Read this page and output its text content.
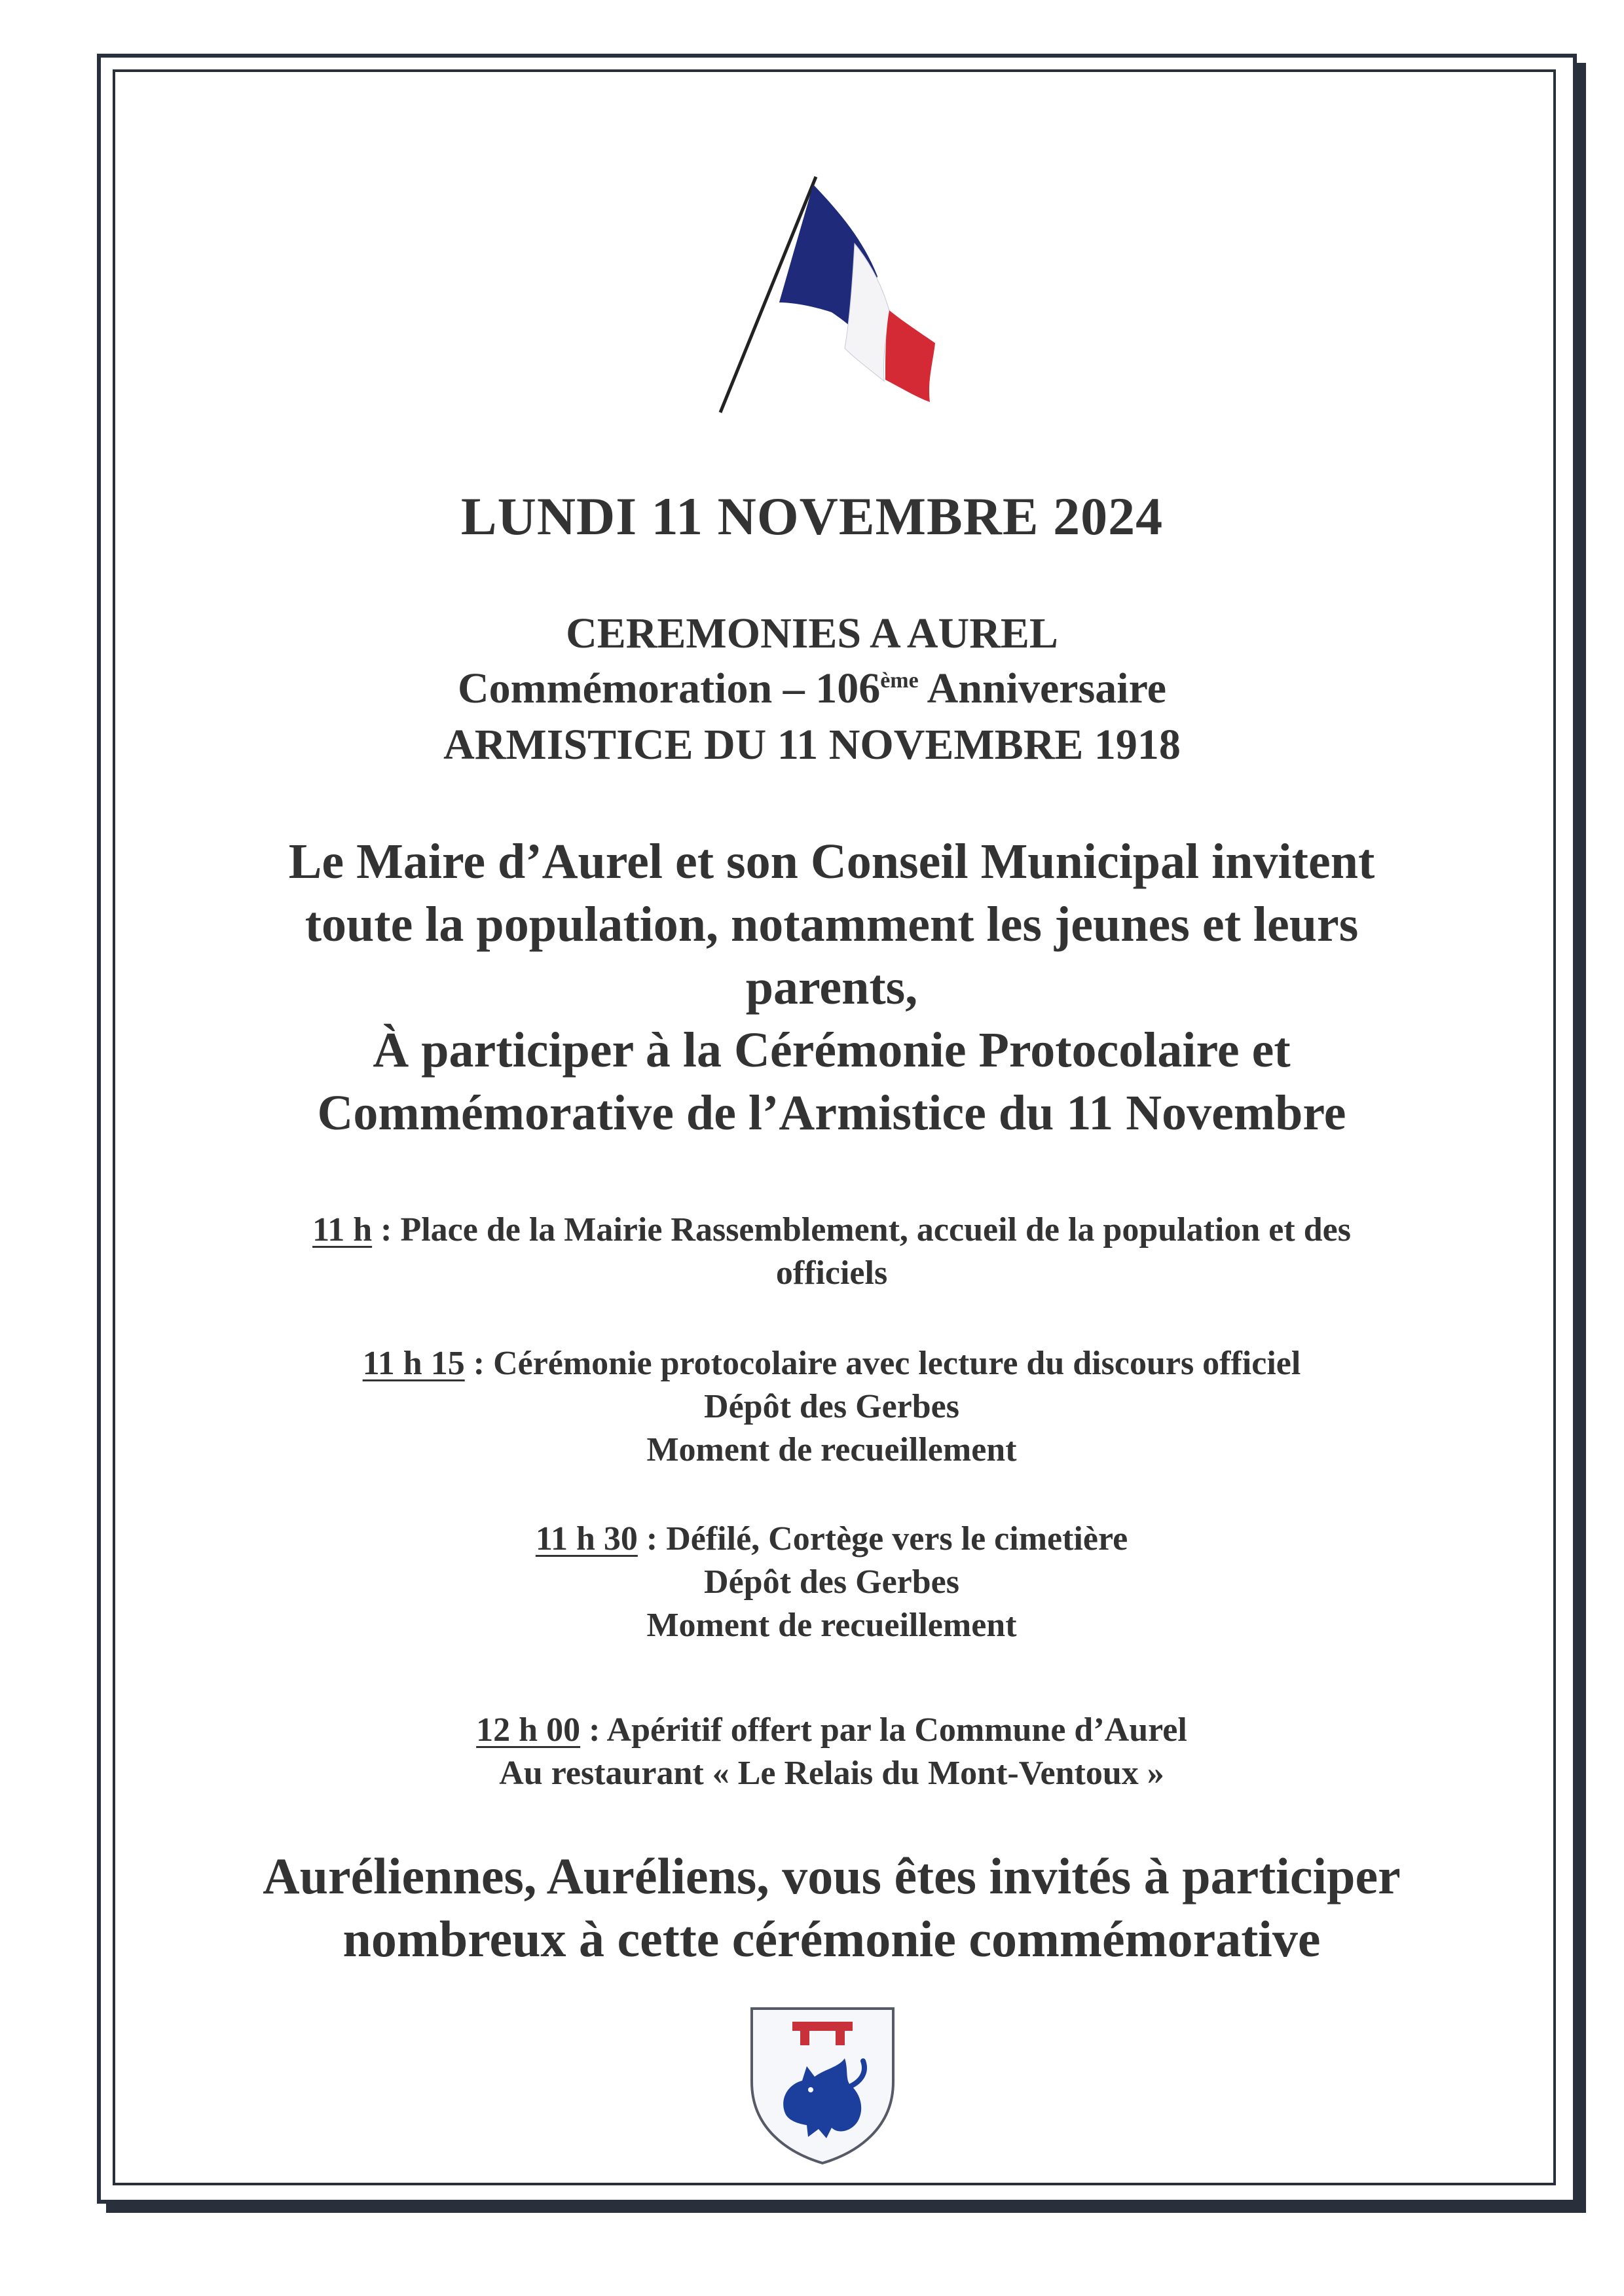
LUNDI 11 NOVEMBRE 2024

CEREMONIES A AUREL

Commémoration – 106ème Anniversaire

ARMISTICE DU 11 NOVEMBRE 1918

Le Maire d’Aurel et son Conseil Municipal invitent
toute la population, notamment les jeunes et leurs
parents,
À participer à la Cérémonie Protocolaire et
Commémorative de l’Armistice du 11 Novembre

11 h : Place de la Mairie Rassemblement, accueil de la population et des
officiels

11 h 15 : Cérémonie protocolaire avec lecture du discours officiel
Dépôt des Gerbes
Moment de recueillement

11 h 30 : Défilé, Cortège vers le cimetière
Dépôt des Gerbes
Moment de recueillement

12 h 00 : Apéritif offert par la Commune d’Aurel
Au restaurant « Le Relais du Mont-Ventoux »

Auréliennes, Auréliens, vous êtes invités à participer
nombreux à cette cérémonie commémorative
